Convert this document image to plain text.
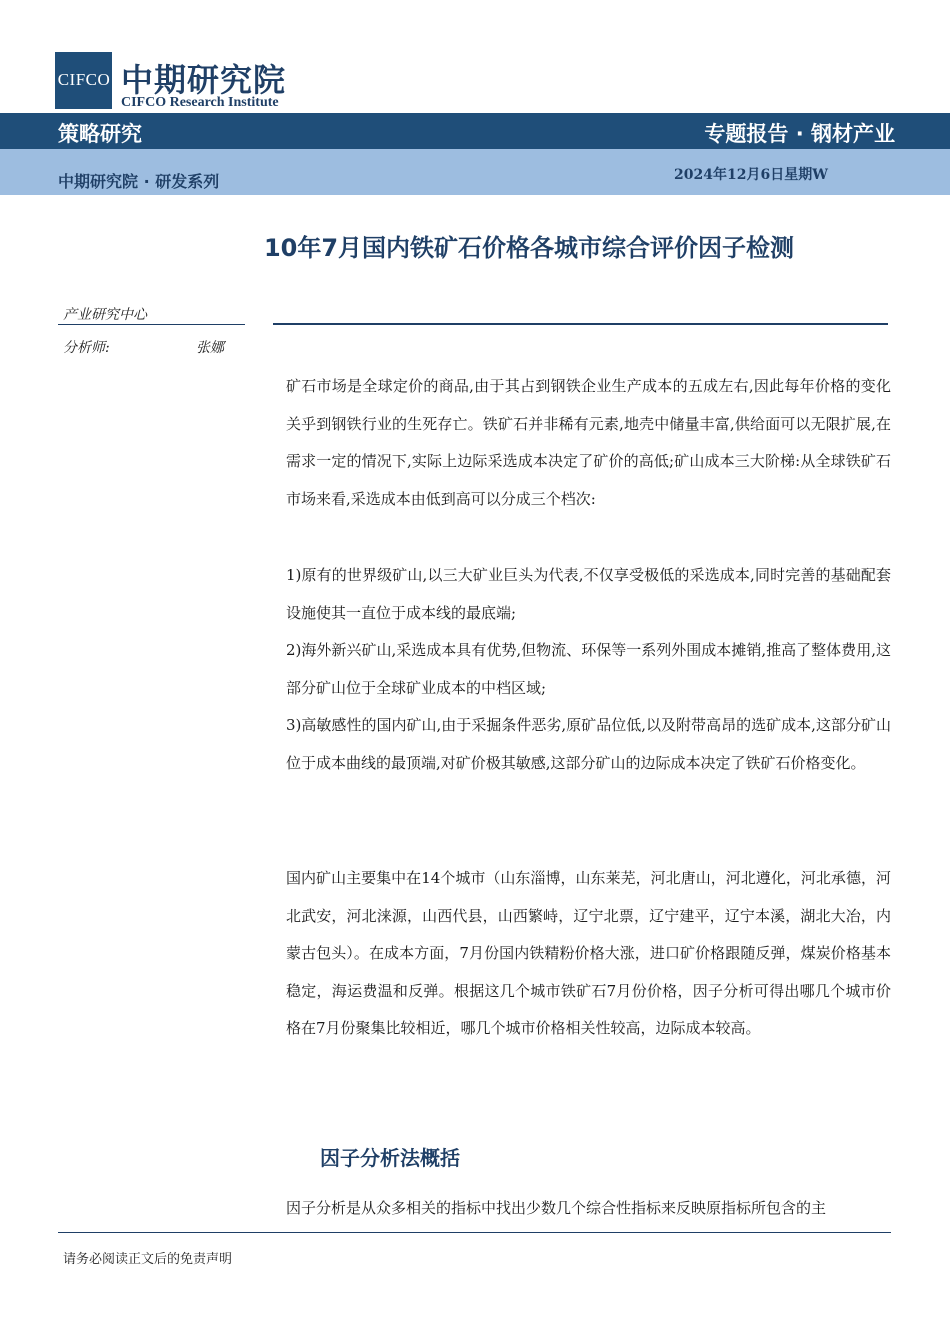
CIFCO 中期研究院
CIFCO Research Institute
策略研究	专题报告 · 钢材产业
中期研究院 · 研发系列	2024年12月6日星期W
10年7月国内铁矿石价格各城市综合评价因子检测
产业研究中心
分析师:	张娜

矿石市场是全球定价的商品,由于其占到钢铁企业生产成本的五成左右,因此每年价格的变化关乎到钢铁行业的生死存亡。铁矿石并非稀有元素,地壳中储量丰富,供给面可以无限扩展,在需求一定的情况下,实际上边际采选成本决定了矿价的高低;矿山成本三大阶梯:从全球铁矿石市场来看,采选成本由低到高可以分成三个档次:

1)原有的世界级矿山,以三大矿业巨头为代表,不仅享受极低的采选成本,同时完善的基础配套设施使其一直位于成本线的最底端;

2)海外新兴矿山,采选成本具有优势,但物流、环保等一系列外围成本摊销,推高了整体费用,这部分矿山位于全球矿业成本的中档区域;

3)高敏感性的国内矿山,由于采掘条件恶劣,原矿品位低,以及附带高昂的选矿成本,这部分矿山位于成本曲线的最顶端,对矿价极其敏感,这部分矿山的边际成本决定了铁矿石价格变化。

国内矿山主要集中在14个城市（山东淄博，山东莱芜，河北唐山，河北遵化，河北承德，河北武安，河北涞源，山西代县，山西繁峙，辽宁北票，辽宁建平，辽宁本溪，湖北大冶，内蒙古包头）。在成本方面，7月份国内铁精粉价格大涨，进口矿价格跟随反弹，煤炭价格基本稳定，海运费温和反弹。根据这几个城市铁矿石7月份价格，因子分析可得出哪几个城市价格在7月份聚集比较相近，哪几个城市价格相关性较高，边际成本较高。

因子分析法概括

因子分析是从众多相关的指标中找出少数几个综合性指标来反映原指标所包含的主

请务必阅读正文后的免责声明
